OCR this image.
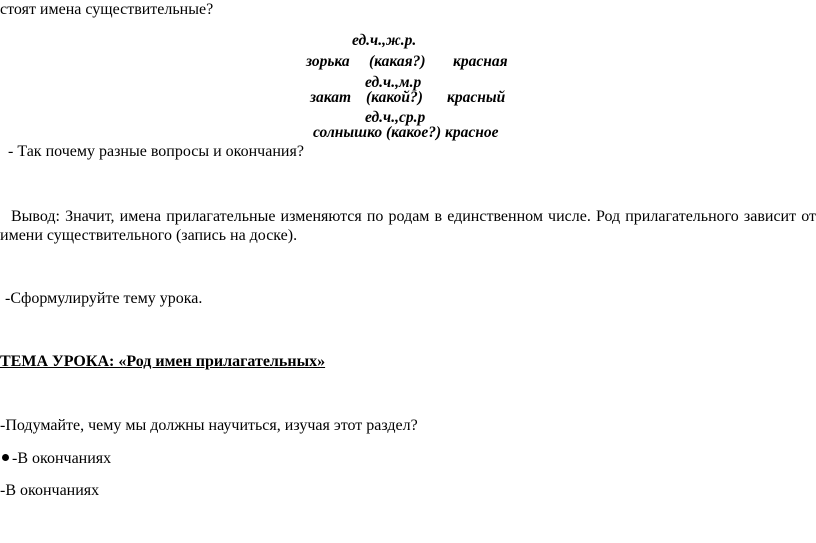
стоят имена существительные?
ед.ч.,ж.р.
зорька (какая?) красная
ед.ч.,м.р
закат (какой?) красный
ед.ч.,ср.р
солнышко (какое?) красное
- Так почему разные вопросы и окончания?
Вывод: Значит, имена прилагательные изменяются по родам в единственном числе. Род прилагательного зависит от
имени существительного (запись на доске).
-Сформулируйте тему урока.
ТЕМА УРОКА: «Род имен прилагательных»
-Подумайте, чему мы должны научиться, изучая этот раздел?
-В окончаниях
-В окончаниях
